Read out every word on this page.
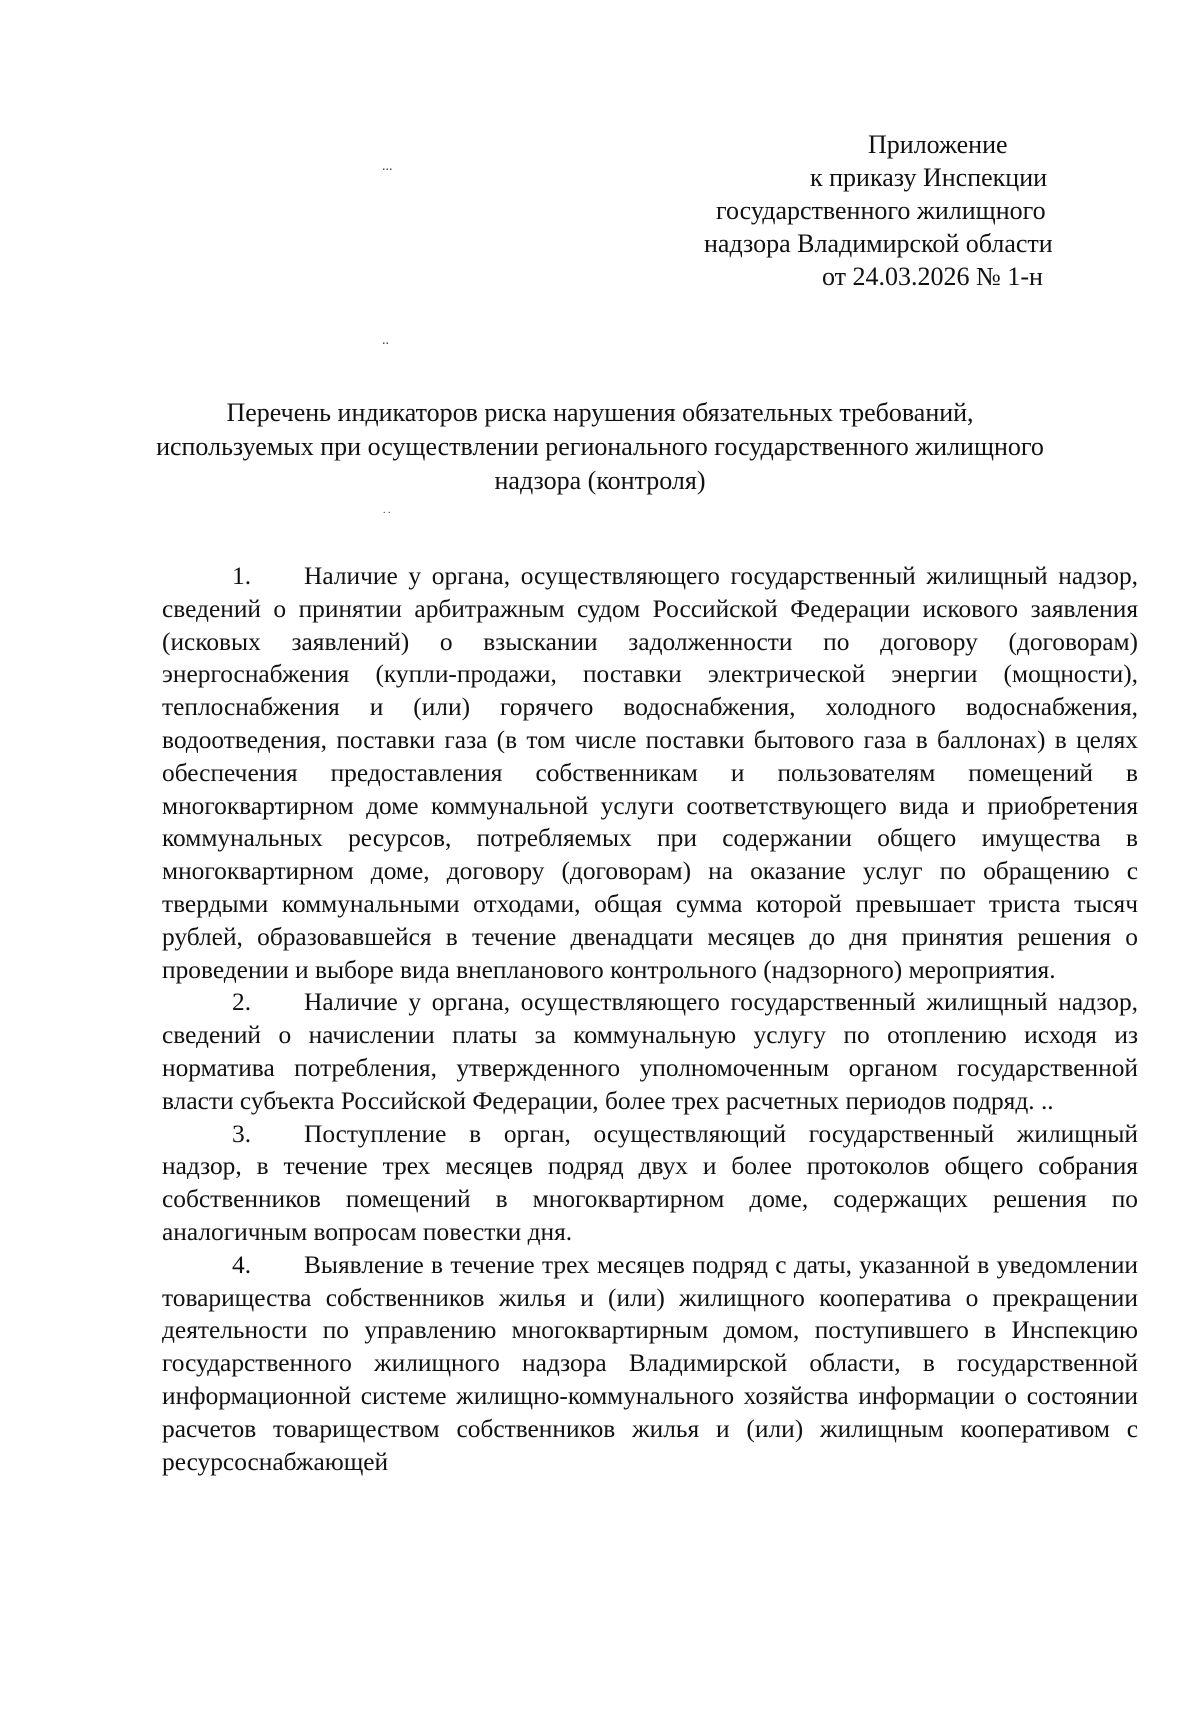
Приложение
к приказу Инспекции
государственного жилищного
надзора Владимирской области
от 24.03.2026 № 1-н
...
..
. .
Перечень индикаторов риска нарушения обязательных требований,
используемых при осуществлении регионального государственного жилищного
надзора (контроля)

1. Наличие у органа, осуществляющего государственный жилищный надзор, сведений о принятии арбитражным судом Российской Федерации искового заявления (исковых заявлений) о взыскании задолженности по договору (договорам) энергоснабжения (купли-продажи, поставки электрической энергии (мощности), теплоснабжения и (или) горячего водоснабжения, холодного водоснабжения, водоотведения, поставки газа (в том числе поставки бытового газа в баллонах) в целях обеспечения предоставления собственникам и пользователям помещений в многоквартирном доме коммунальной услуги соответствующего вида и приобретения коммунальных ресурсов, потребляемых при содержании общего имущества в многоквартирном доме, договору (договорам) на оказание услуг по обращению с твердыми коммунальными отходами, общая сумма которой превышает триста тысяч рублей, образовавшейся в течение двенадцати месяцев до дня принятия решения о проведении и выборе вида внепланового контрольного (надзорного) мероприятия.

2. Наличие у органа, осуществляющего государственный жилищный надзор, сведений о начислении платы за коммунальную услугу по отоплению исходя из норматива потребления, утвержденного уполномоченным органом государственной власти субъекта Российской Федерации, более трех расчетных периодов подряд. ..

3. Поступление в орган, осуществляющий государственный жилищный надзор, в течение трех месяцев подряд двух и более протоколов общего собрания собственников помещений в многоквартирном доме, содержащих решения по аналогичным вопросам повестки дня.

4. Выявление в течение трех месяцев подряд с даты, указанной в уведомлении товарищества собственников жилья и (или) жилищного кооператива о прекращении деятельности по управлению многоквартирным домом, поступившего в Инспекцию государственного жилищного надзора Владимирской области, в государственной информационной системе жилищно-коммунального хозяйства информации о состоянии расчетов товариществом собственников жилья и (или) жилищным кооперативом с ресурсоснабжающей
